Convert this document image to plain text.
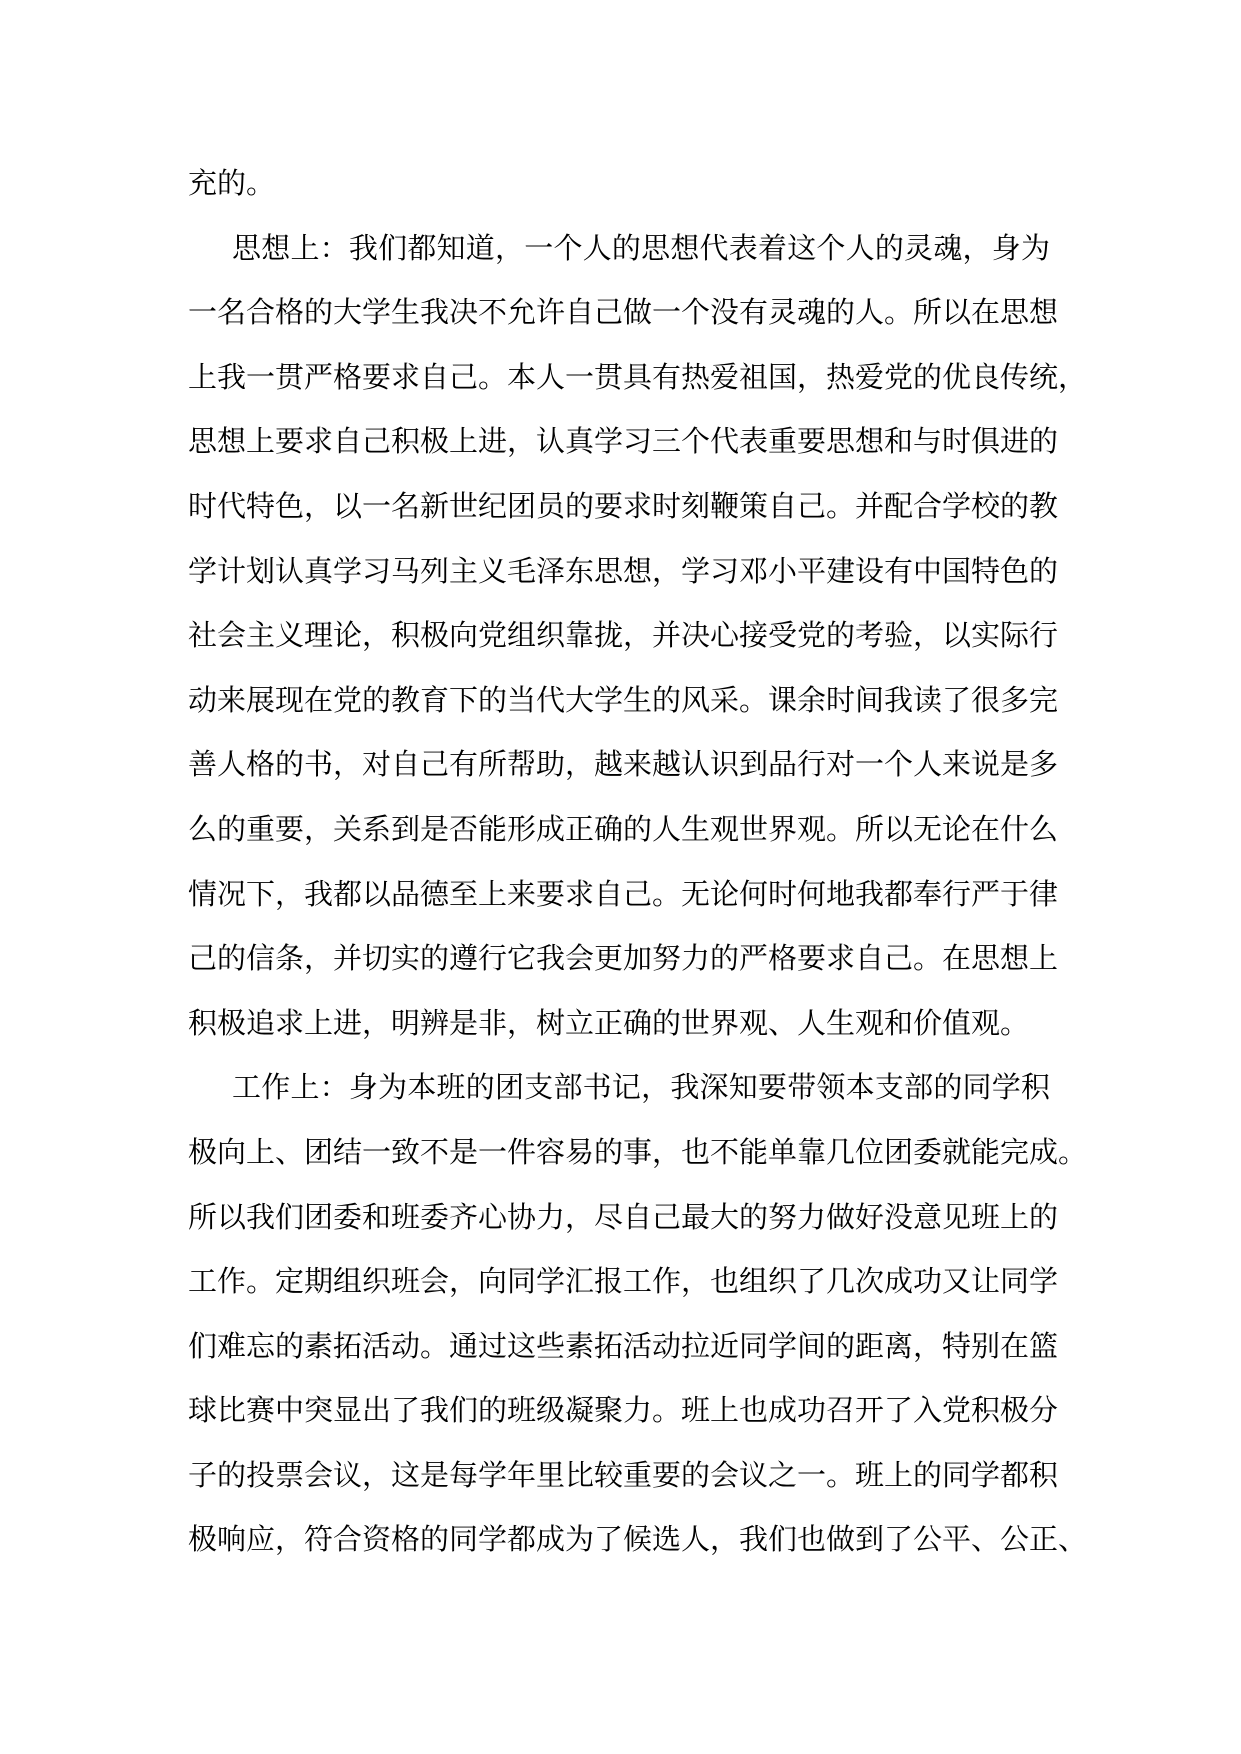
充的。
思想上：我们都知道，一个人的思想代表着这个人的灵魂，身为
一名合格的大学生我决不允许自己做一个没有灵魂的人。所以在思想
上我一贯严格要求自己。本人一贯具有热爱祖国，热爱党的优良传统，
思想上要求自己积极上进，认真学习三个代表重要思想和与时俱进的
时代特色，以一名新世纪团员的要求时刻鞭策自己。并配合学校的教
学计划认真学习马列主义毛泽东思想，学习邓小平建设有中国特色的
社会主义理论，积极向党组织靠拢，并决心接受党的考验，以实际行
动来展现在党的教育下的当代大学生的风采。课余时间我读了很多完
善人格的书，对自己有所帮助，越来越认识到品行对一个人来说是多
么的重要，关系到是否能形成正确的人生观世界观。所以无论在什么
情况下，我都以品德至上来要求自己。无论何时何地我都奉行严于律
己的信条，并切实的遵行它我会更加努力的严格要求自己。在思想上
积极追求上进，明辨是非，树立正确的世界观、人生观和价值观。
工作上：身为本班的团支部书记，我深知要带领本支部的同学积
极向上、团结一致不是一件容易的事，也不能单靠几位团委就能完成。
所以我们团委和班委齐心协力，尽自己最大的努力做好没意见班上的
工作。定期组织班会，向同学汇报工作，也组织了几次成功又让同学
们难忘的素拓活动。通过这些素拓活动拉近同学间的距离，特别在篮
球比赛中突显出了我们的班级凝聚力。班上也成功召开了入党积极分
子的投票会议，这是每学年里比较重要的会议之一。班上的同学都积
极响应，符合资格的同学都成为了候选人，我们也做到了公平、公正、
